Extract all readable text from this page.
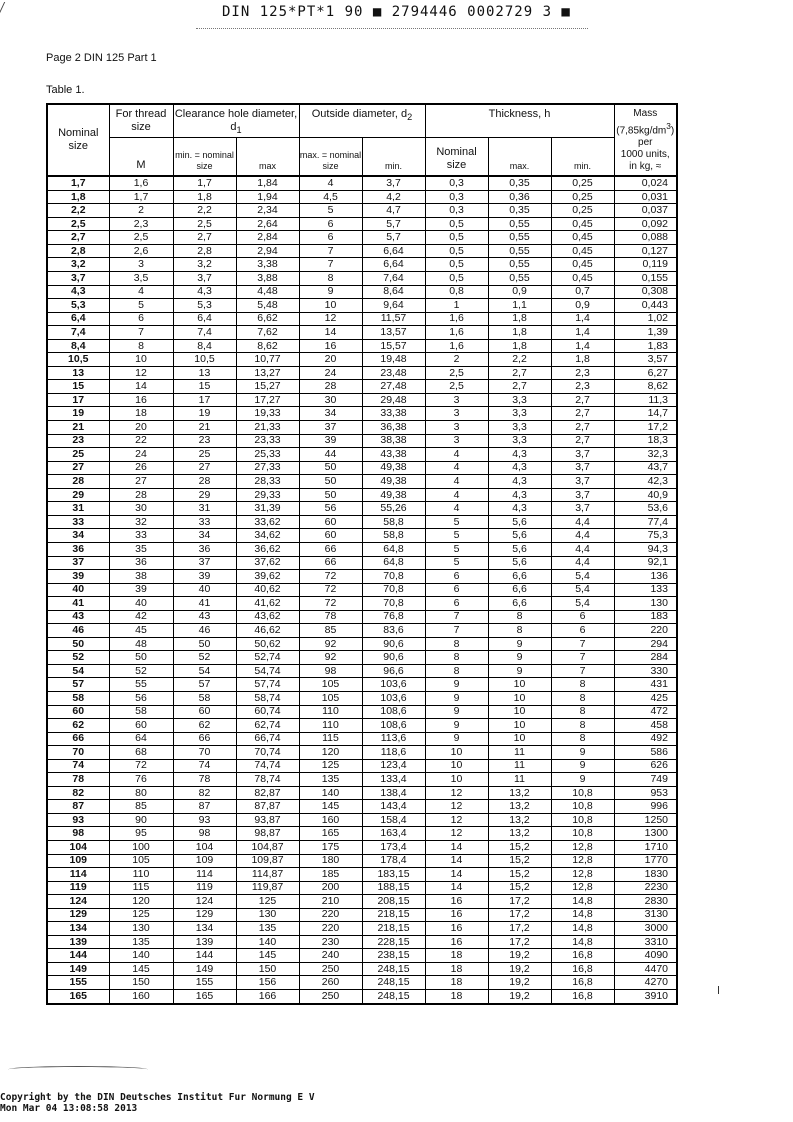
DIN 125*PT*1 90 ■ 2794446 0002729 3 ■
Page 2 DIN 125 Part 1
Table 1.
Nominal size	For thread size	Clearance hole diameter, $d_1$		Outside diameter, $d_2$		Thickness, h			Mass
$(7,85kg/dm^3)$
per
1000 units,
in kg, ≈
	M	min. = nominal size	max	max. = nominal size	min.	Nominal size	max.	min.	
1,7	1,6	1,7	1,84	4	3,7	0,3	0,35	0,25	0,024
1,8	1,7	1,8	1,94	4,5	4,2	0,3	0,36	0,25	0,031
2,2	2	2,2	2,34	5	4,7	0,3	0,35	0,25	0,037
2,5	2,3	2,5	2,64	6	5,7	0,5	0,55	0,45	0,092
2,7	2,5	2,7	2,84	6	5,7	0,5	0,55	0,45	0,088
2,8	2,6	2,8	2,94	7	6,64	0,5	0,55	0,45	0,127
3,2	3	3,2	3,38	7	6,64	0,5	0,55	0,45	0,119
3,7	3,5	3,7	3,88	8	7,64	0,5	0,55	0,45	0,155
4,3	4	4,3	4,48	9	8,64	0,8	0,9	0,7	0,308
5,3	5	5,3	5,48	10	9,64	1	1,1	0,9	0,443
6,4	6	6,4	6,62	12	11,57	1,6	1,8	1,4	1,02
7,4	7	7,4	7,62	14	13,57	1,6	1,8	1,4	1,39
8,4	8	8,4	8,62	16	15,57	1,6	1,8	1,4	1,83
10,5	10	10,5	10,77	20	19,48	2	2,2	1,8	3,57
13	12	13	13,27	24	23,48	2,5	2,7	2,3	6,27
15	14	15	15,27	28	27,48	2,5	2,7	2,3	8,62
17	16	17	17,27	30	29,48	3	3,3	2,7	11,3
19	18	19	19,33	34	33,38	3	3,3	2,7	14,7
21	20	21	21,33	37	36,38	3	3,3	2,7	17,2
23	22	23	23,33	39	38,38	3	3,3	2,7	18,3
25	24	25	25,33	44	43,38	4	4,3	3,7	32,3
27	26	27	27,33	50	49,38	4	4,3	3,7	43,7
28	27	28	28,33	50	49,38	4	4,3	3,7	42,3
29	28	29	29,33	50	49,38	4	4,3	3,7	40,9
31	30	31	31,39	56	55,26	4	4,3	3,7	53,6
33	32	33	33,62	60	58,8	5	5,6	4,4	77,4
34	33	34	34,62	60	58,8	5	5,6	4,4	75,3
36	35	36	36,62	66	64,8	5	5,6	4,4	94,3
37	36	37	37,62	66	64,8	5	5,6	4,4	92,1
39	38	39	39,62	72	70,8	6	6,6	5,4	136
40	39	40	40,62	72	70,8	6	6,6	5,4	133
41	40	41	41,62	72	70,8	6	6,6	5,4	130
43	42	43	43,62	78	76,8	7	8	6	183
46	45	46	46,62	85	83,6	7	8	6	220
50	48	50	50,62	92	90,6	8	9	7	294
52	50	52	52,74	92	90,6	8	9	7	284
54	52	54	54,74	98	96,6	8	9	7	330
57	55	57	57,74	105	103,6	9	10	8	431
58	56	58	58,74	105	103,6	9	10	8	425
60	58	60	60,74	110	108,6	9	10	8	472
62	60	62	62,74	110	108,6	9	10	8	458
66	64	66	66,74	115	113,6	9	10	8	492
70	68	70	70,74	120	118,6	10	11	9	586
74	72	74	74,74	125	123,4	10	11	9	626
78	76	78	78,74	135	133,4	10	11	9	749
82	80	82	82,87	140	138,4	12	13,2	10,8	953
87	85	87	87,87	145	143,4	12	13,2	10,8	996
93	90	93	93,87	160	158,4	12	13,2	10,8	1250
98	95	98	98,87	165	163,4	12	13,2	10,8	1300
104	100	104	104,87	175	173,4	14	15,2	12,8	1710
109	105	109	109,87	180	178,4	14	15,2	12,8	1770
114	110	114	114,87	185	183,15	14	15,2	12,8	1830
119	115	119	119,87	200	188,15	14	15,2	12,8	2230
124	120	124	125	210	208,15	16	17,2	14,8	2830
129	125	129	130	220	218,15	16	17,2	14,8	3130
134	130	134	135	220	218,15	16	17,2	14,8	3000
139	135	139	140	230	228,15	16	17,2	14,8	3310
144	140	144	145	240	238,15	18	19,2	16,8	4090
149	145	149	150	250	248,15	18	19,2	16,8	4470
155	150	155	156	260	248,15	18	19,2	16,8	4270
165	160	165	166	250	248,15	18	19,2	16,8	3910
Copyright by the DIN Deutsches Institut Fur Normung E V
Mon Mar 04 13:08:58 2013
